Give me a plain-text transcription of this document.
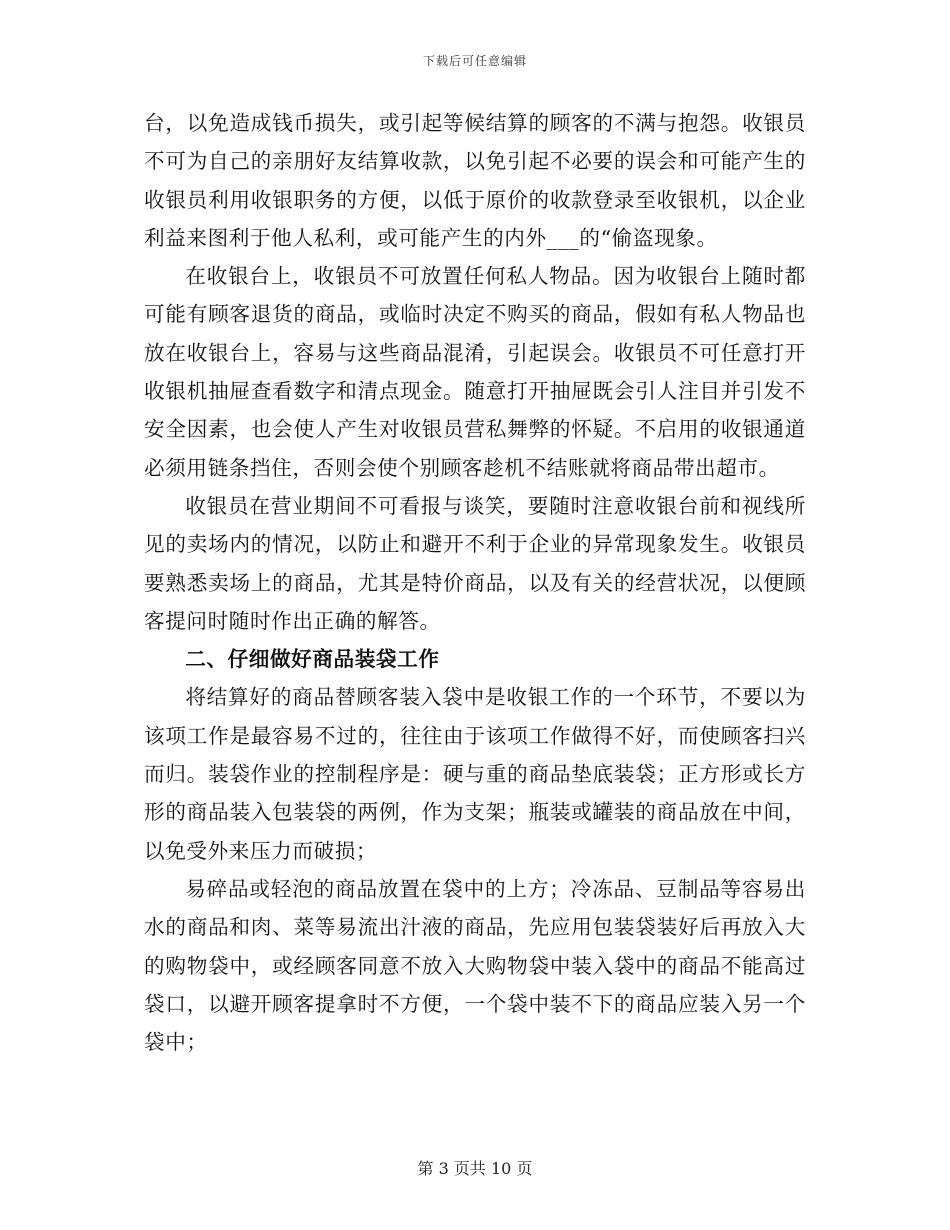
下载后可任意编辑

台，以免造成钱币损失，或引起等候结算的顾客的不满与抱怨。收银员不可为自己的亲朋好友结算收款，以免引起不必要的误会和可能产生的收银员利用收银职务的方便，以低于原价的收款登录至收银机，以企业利益来图利于他人私利，或可能产生的内外___的“偷盗现象。

在收银台上，收银员不可放置任何私人物品。因为收银台上随时都可能有顾客退货的商品，或临时决定不购买的商品，假如有私人物品也放在收银台上，容易与这些商品混淆，引起误会。收银员不可任意打开收银机抽屉查看数字和清点现金。随意打开抽屉既会引人注目并引发不安全因素，也会使人产生对收银员营私舞弊的怀疑。不启用的收银通道必须用链条挡住，否则会使个别顾客趁机不结账就将商品带出超市。

收银员在营业期间不可看报与谈笑，要随时注意收银台前和视线所见的卖场内的情况，以防止和避开不利于企业的异常现象发生。收银员要熟悉卖场上的商品，尤其是特价商品，以及有关的经营状况，以便顾客提问时随时作出正确的解答。

二、仔细做好商品装袋工作

将结算好的商品替顾客装入袋中是收银工作的一个环节，不要以为该项工作是最容易不过的，往往由于该项工作做得不好，而使顾客扫兴而归。装袋作业的控制程序是：硬与重的商品垫底装袋；正方形或长方形的商品装入包装袋的两例，作为支架；瓶装或罐装的商品放在中间，以免受外来压力而破损；

易碎品或轻泡的商品放置在袋中的上方；冷冻品、豆制品等容易出水的商品和肉、菜等易流出汁液的商品，先应用包装袋装好后再放入大的购物袋中，或经顾客同意不放入大购物袋中装入袋中的商品不能高过袋口，以避开顾客提拿时不方便，一个袋中装不下的商品应装入另一个袋中；

第 3 页共 10 页
